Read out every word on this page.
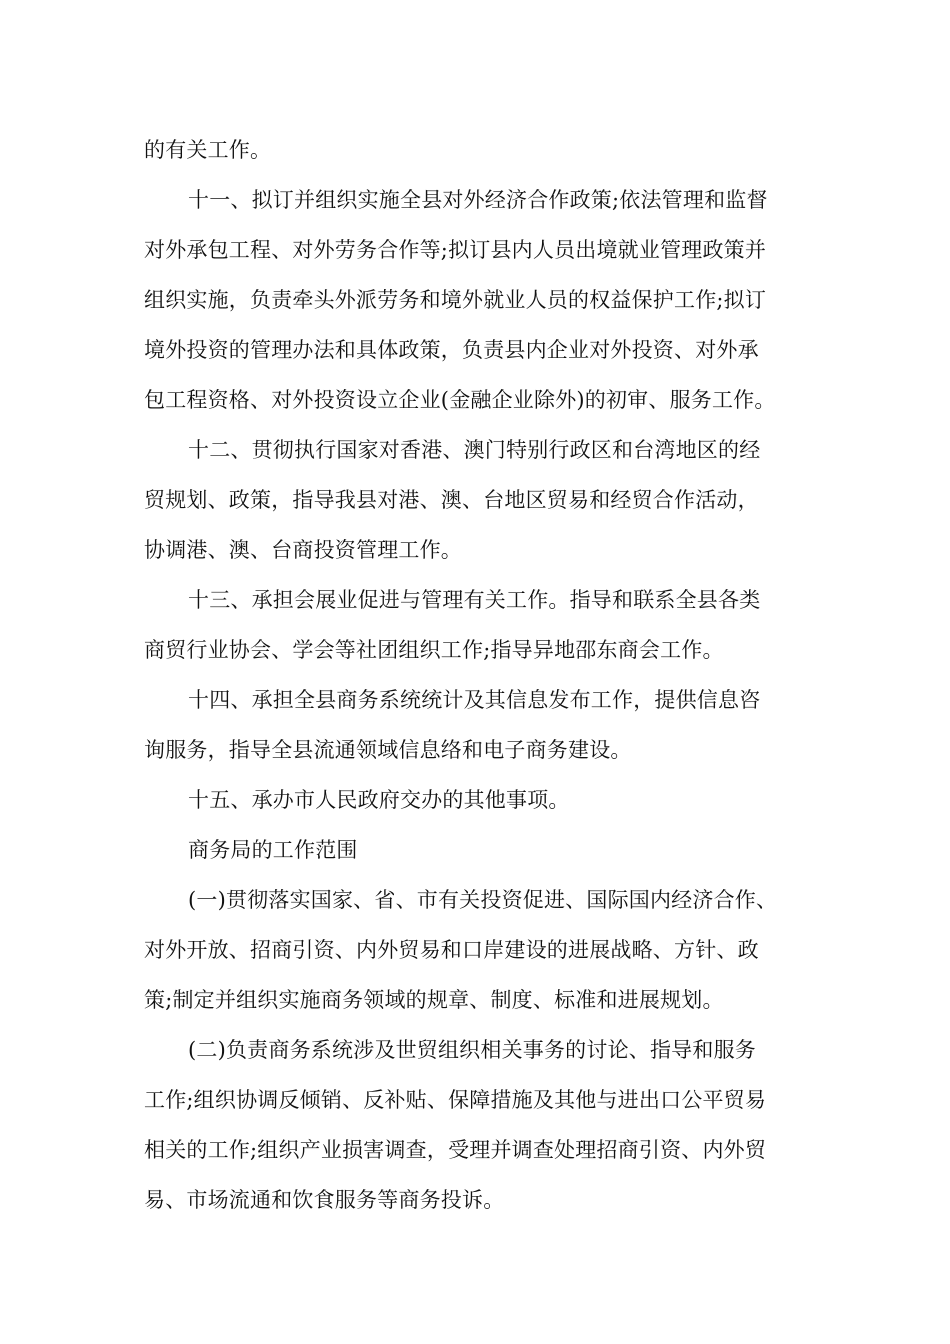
的有关工作。
十一、拟订并组织实施全县对外经济合作政策;依法管理和监督
对外承包工程、对外劳务合作等;拟订县内人员出境就业管理政策并
组织实施，负责牵头外派劳务和境外就业人员的权益保护工作;拟订
境外投资的管理办法和具体政策，负责县内企业对外投资、对外承
包工程资格、对外投资设立企业(金融企业除外)的初审、服务工作。
十二、贯彻执行国家对香港、澳门特别行政区和台湾地区的经
贸规划、政策，指导我县对港、澳、台地区贸易和经贸合作活动，
协调港、澳、台商投资管理工作。
十三、承担会展业促进与管理有关工作。指导和联系全县各类
商贸行业协会、学会等社团组织工作;指导异地邵东商会工作。
十四、承担全县商务系统统计及其信息发布工作，提供信息咨
询服务，指导全县流通领域信息络和电子商务建设。
十五、承办市人民政府交办的其他事项。
商务局的工作范围
(一)贯彻落实国家、省、市有关投资促进、国际国内经济合作、
对外开放、招商引资、内外贸易和口岸建设的进展战略、方针、政
策;制定并组织实施商务领域的规章、制度、标准和进展规划。
(二)负责商务系统涉及世贸组织相关事务的讨论、指导和服务
工作;组织协调反倾销、反补贴、保障措施及其他与进出口公平贸易
相关的工作;组织产业损害调查，受理并调查处理招商引资、内外贸
易、市场流通和饮食服务等商务投诉。
